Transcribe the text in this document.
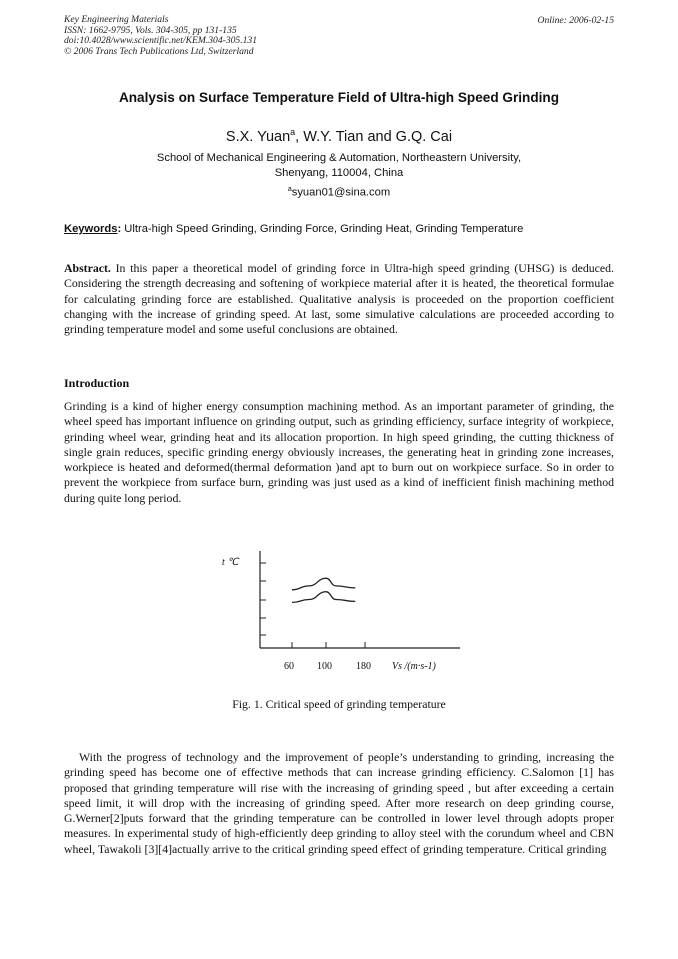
Key Engineering Materials
ISSN: 1662-9795, Vols. 304-305, pp 131-135
doi:10.4028/www.scientific.net/KEM.304-305.131
© 2006 Trans Tech Publications Ltd, Switzerland
Online: 2006-02-15
Analysis on Surface Temperature Field of Ultra-high Speed Grinding
S.X. Yuan$^a$, W.Y. Tian and G.Q. Cai
School of Mechanical Engineering & Automation, Northeastern University,
Shenyang, 110004, China
$^a$syuan01@sina.com
Keywords: Ultra-high Speed Grinding, Grinding Force, Grinding Heat, Grinding Temperature
Abstract. In this paper a theoretical model of grinding force in Ultra-high speed grinding (UHSG) is deduced. Considering the strength decreasing and softening of workpiece material after it is heated, the theoretical formulae for calculating grinding force are established. Qualitative analysis is proceeded on the proportion coefficient changing with the increase of grinding speed. At last, some simulative calculations are proceeded according to grinding temperature model and some useful conclusions are obtained.
Introduction
Grinding is a kind of higher energy consumption machining method. As an important parameter of grinding, the wheel speed has important influence on grinding output, such as grinding efficiency, surface integrity of workpiece, grinding wheel wear, grinding heat and its allocation proportion. In high speed grinding, the cutting thickness of single grain reduces, specific grinding energy obviously increases, the generating heat in grinding zone increases, workpiece is heated and deformed(thermal deformation )and apt to burn out on workpiece surface. So in order to prevent the workpiece from surface burn, grinding was just used as a kind of inefficient finish machining method during quite long period.
t ℃
60 100 180 Vs /(m·s-1)
Fig. 1. Critical speed of grinding temperature
With the progress of technology and the improvement of people’s understanding to grinding, increasing the grinding speed has become one of effective methods that can increase grinding efficiency. C.Salomon [1] has proposed that grinding temperature will rise with the increasing of grinding speed , but after exceeding a certain speed limit, it will drop with the increasing of grinding speed. After more research on deep grinding course, G.Werner[2]puts forward that the grinding temperature can be controlled in lower level through adopts proper measures. In experimental study of high-efficiently deep grinding to alloy steel with the corundum wheel and CBN wheel, Tawakoli [3][4]actually arrive to the critical grinding speed effect of grinding temperature. Critical grinding
